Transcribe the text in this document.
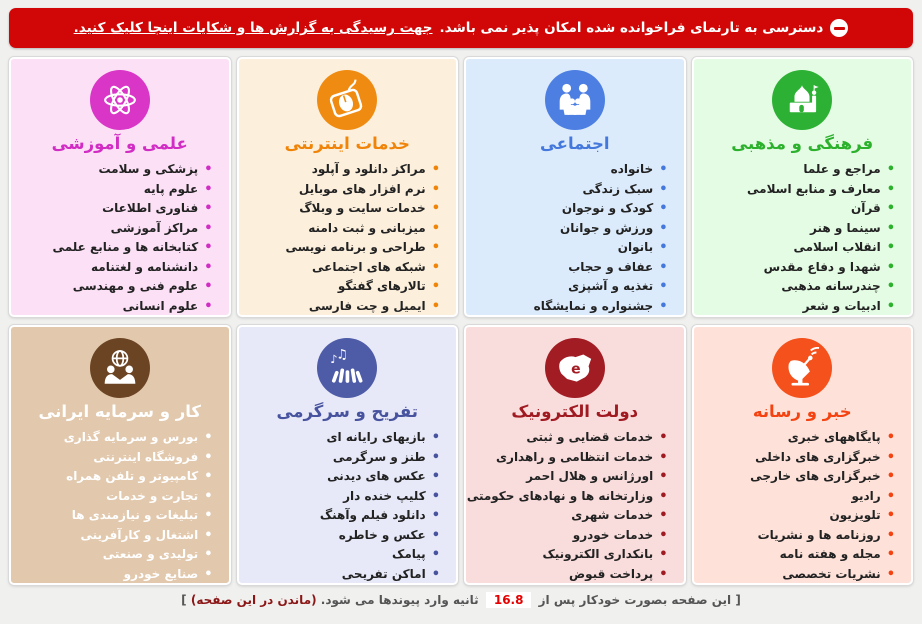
دسترسی به تارنمای فراخوانده شده امکان پذیر نمی باشد.
جهت رسیدگی به گزارش ها و شکایات اینجا کلیک کنید.
فرهنگی و مذهبی
•مراجع و علما
•معارف و منابع اسلامی
•قرآن
•سینما و هنر
•انقلاب اسلامی
•شهدا و دفاع مقدس
•چندرسانه مذهبی
•ادبیات و شعر
اجتماعی
•خانواده
•سبک زندگی
•کودک و نوجوان
•ورزش و جوانان
•بانوان
•عفاف و حجاب
•تغذیه و آشپزی
•جشنواره و نمایشگاه
خدمات اینترنتی
•مراکز دانلود و آپلود
•نرم افزار های موبایل
•خدمات سایت و وبلاگ
•میزبانی و ثبت دامنه
•طراحی و برنامه نویسی
•شبکه های اجتماعی
•تالارهای گفتگو
•ایمیل و چت فارسی
علمی و آموزشی
•پزشکی و سلامت
•علوم پایه
•فناوری اطلاعات
•مراکز آموزشی
•کتابخانه ها و منابع علمی
•دانشنامه و لغتنامه
•علوم فنی و مهندسی
•علوم انسانی
خبر و رسانه
•پایگاههای خبری
•خبرگزاری های داخلی
•خبرگزاری های خارجی
•رادیو
•تلویزیون
•روزنامه ها و نشریات
•مجله و هفته نامه
•نشریات تخصصی
e
دولت الکترونیک
•خدمات قضایی و ثبتی
•خدمات انتظامی و راهداری
•اورژانس و هلال احمر
•وزارتخانه ها و نهادهای حکومتی
•خدمات شهری
•خدمات خودرو
•بانکداری الکترونیک
•پرداخت قبوض
♪
♫
تفریح و سرگرمی
•بازیهای رایانه ای
•طنز و سرگرمی
•عکس های دیدنی
•کلیپ خنده دار
•دانلود فیلم وآهنگ
•عکس و خاطره
•پیامک
•اماکن تفریحی
کار و سرمایه ایرانی
•بورس و سرمایه گذاری
•فروشگاه اینترنتی
•کامپیوتر و تلفن همراه
•تجارت و خدمات
•تبلیغات و نیازمندی ها
•اشتغال و کارآفرینی
•تولیدی و صنعتی
•صنایع خودرو
[ این صفحه بصورت خودکار پس از 16.8 ثانیه وارد پیوندها می شود. (ماندن در این صفحه) ]
